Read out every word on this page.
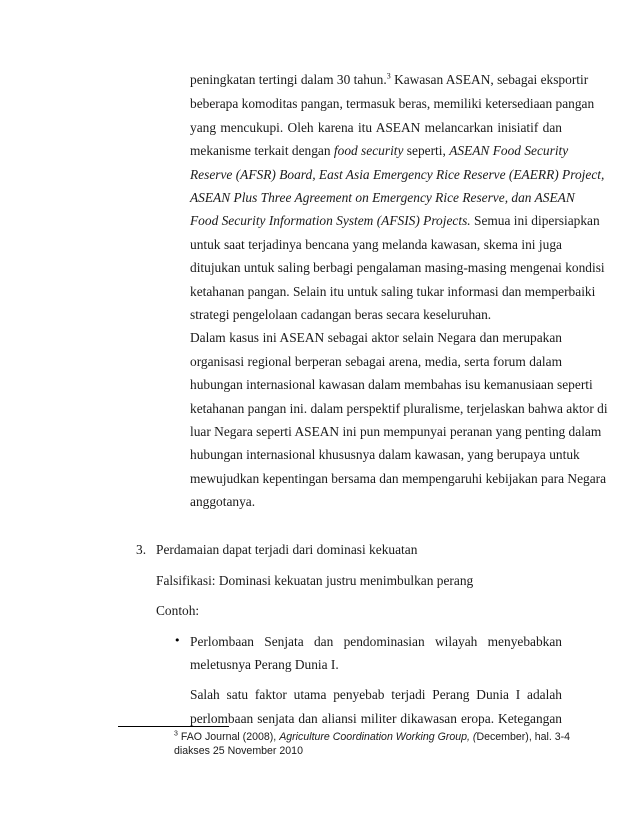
peningkatan tertingi dalam 30 tahun.$^3$ Kawasan ASEAN, sebagai eksportir
beberapa komoditas pangan, termasuk beras, memiliki ketersediaan pangan
yang mencukupi. Oleh karena itu ASEAN melancarkan inisiatif dan
mekanisme terkait dengan food security seperti, ASEAN Food Security
Reserve (AFSR) Board, East Asia Emergency Rice Reserve (EAERR) Project,
ASEAN Plus Three Agreement on Emergency Rice Reserve, dan ASEAN
Food Security Information System (AFSIS) Projects. Semua ini dipersiapkan
untuk saat terjadinya bencana yang melanda kawasan, skema ini juga
ditujukan untuk saling berbagi pengalaman masing-masing mengenai kondisi
ketahanan pangan. Selain itu untuk saling tukar informasi dan memperbaiki
strategi pengelolaan cadangan beras secara keseluruhan.
Dalam kasus ini ASEAN sebagai aktor selain Negara dan merupakan
organisasi regional berperan sebagai arena, media, serta forum dalam
hubungan internasional kawasan dalam membahas isu kemanusiaan seperti
ketahanan pangan ini. dalam perspektif pluralisme, terjelaskan bahwa aktor di
luar Negara seperti ASEAN ini pun mempunyai peranan yang penting dalam
hubungan internasional khususnya dalam kawasan, yang berupaya untuk
mewujudkan kepentingan bersama dan mempengaruhi kebijakan para Negara
anggotanya.
3. Perdamaian dapat terjadi dari dominasi kekuatan
Falsifikasi: Dominasi kekuatan justru menimbulkan perang
Contoh:
• Perlombaan Senjata dan pendominasian wilayah menyebabkan
meletusnya Perang Dunia I.
Salah satu faktor utama penyebab terjadi Perang Dunia I adalah
perlombaan senjata dan aliansi militer dikawasan eropa. Ketegangan
$^3$ FAO Journal (2008), Agriculture Coordination Working Group, (December), hal. 3-4
diakses 25 November 2010
